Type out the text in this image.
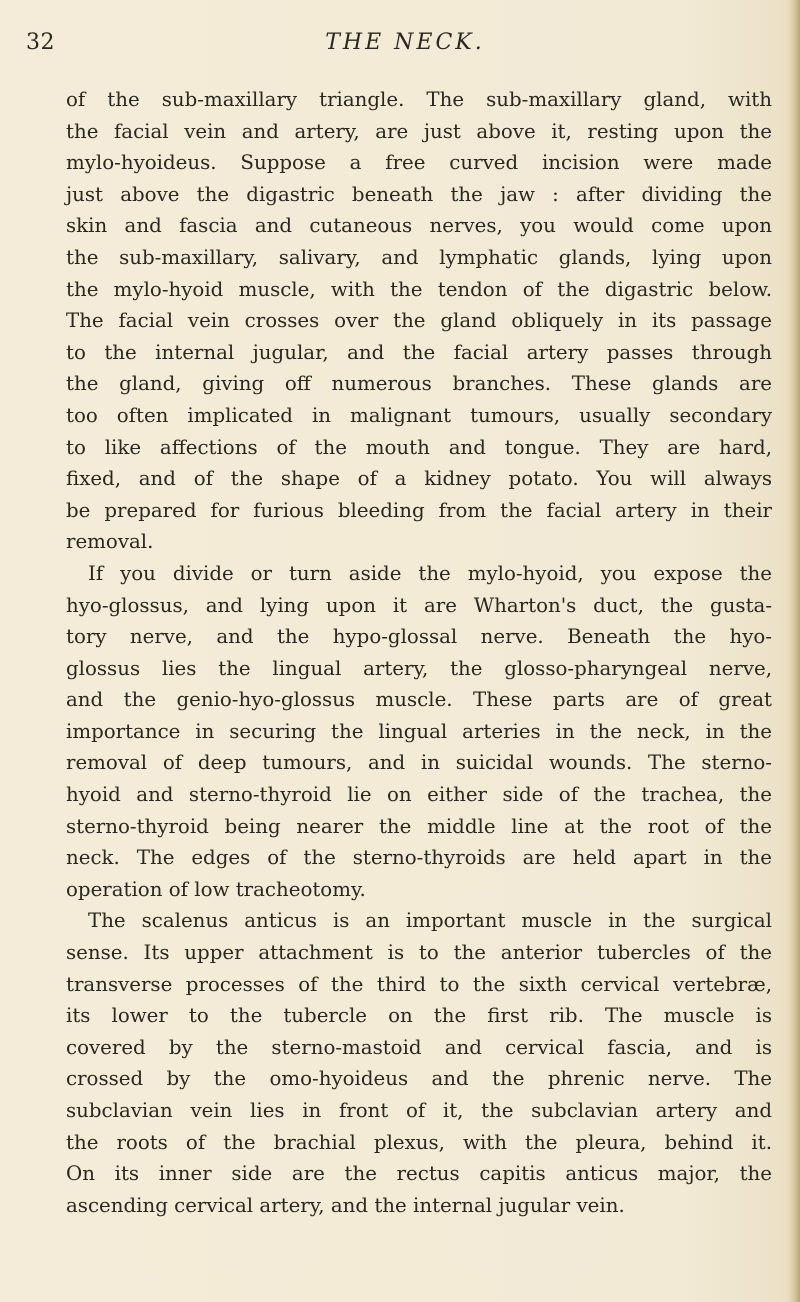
32	THE NECK.
of the sub-maxillary triangle. The sub-maxillary gland, with
the facial vein and artery, are just above it, resting upon the
mylo-hyoideus. Suppose a free curved incision were made
just above the digastric beneath the jaw : after dividing the
skin and fascia and cutaneous nerves, you would come upon
the sub-maxillary, salivary, and lymphatic glands, lying upon
the mylo-hyoid muscle, with the tendon of the digastric below.
The facial vein crosses over the gland obliquely in its passage
to the internal jugular, and the facial artery passes through
the gland, giving off numerous branches. These glands are
too often implicated in malignant tumours, usually secondary
to like affections of the mouth and tongue. They are hard,
fixed, and of the shape of a kidney potato. You will always
be prepared for furious bleeding from the facial artery in their
removal.
If you divide or turn aside the mylo-hyoid, you expose the
hyo-glossus, and lying upon it are Wharton's duct, the gusta-
tory nerve, and the hypo-glossal nerve. Beneath the hyo-
glossus lies the lingual artery, the glosso-pharyngeal nerve,
and the genio-hyo-glossus muscle. These parts are of great
importance in securing the lingual arteries in the neck, in the
removal of deep tumours, and in suicidal wounds. The sterno-
hyoid and sterno-thyroid lie on either side of the trachea, the
sterno-thyroid being nearer the middle line at the root of the
neck. The edges of the sterno-thyroids are held apart in the
operation of low tracheotomy.
The scalenus anticus is an important muscle in the surgical
sense. Its upper attachment is to the anterior tubercles of the
transverse processes of the third to the sixth cervical vertebræ,
its lower to the tubercle on the first rib. The muscle is
covered by the sterno-mastoid and cervical fascia, and is
crossed by the omo-hyoideus and the phrenic nerve. The
subclavian vein lies in front of it, the subclavian artery and
the roots of the brachial plexus, with the pleura, behind it.
On its inner side are the rectus capitis anticus major, the
ascending cervical artery, and the internal jugular vein.
